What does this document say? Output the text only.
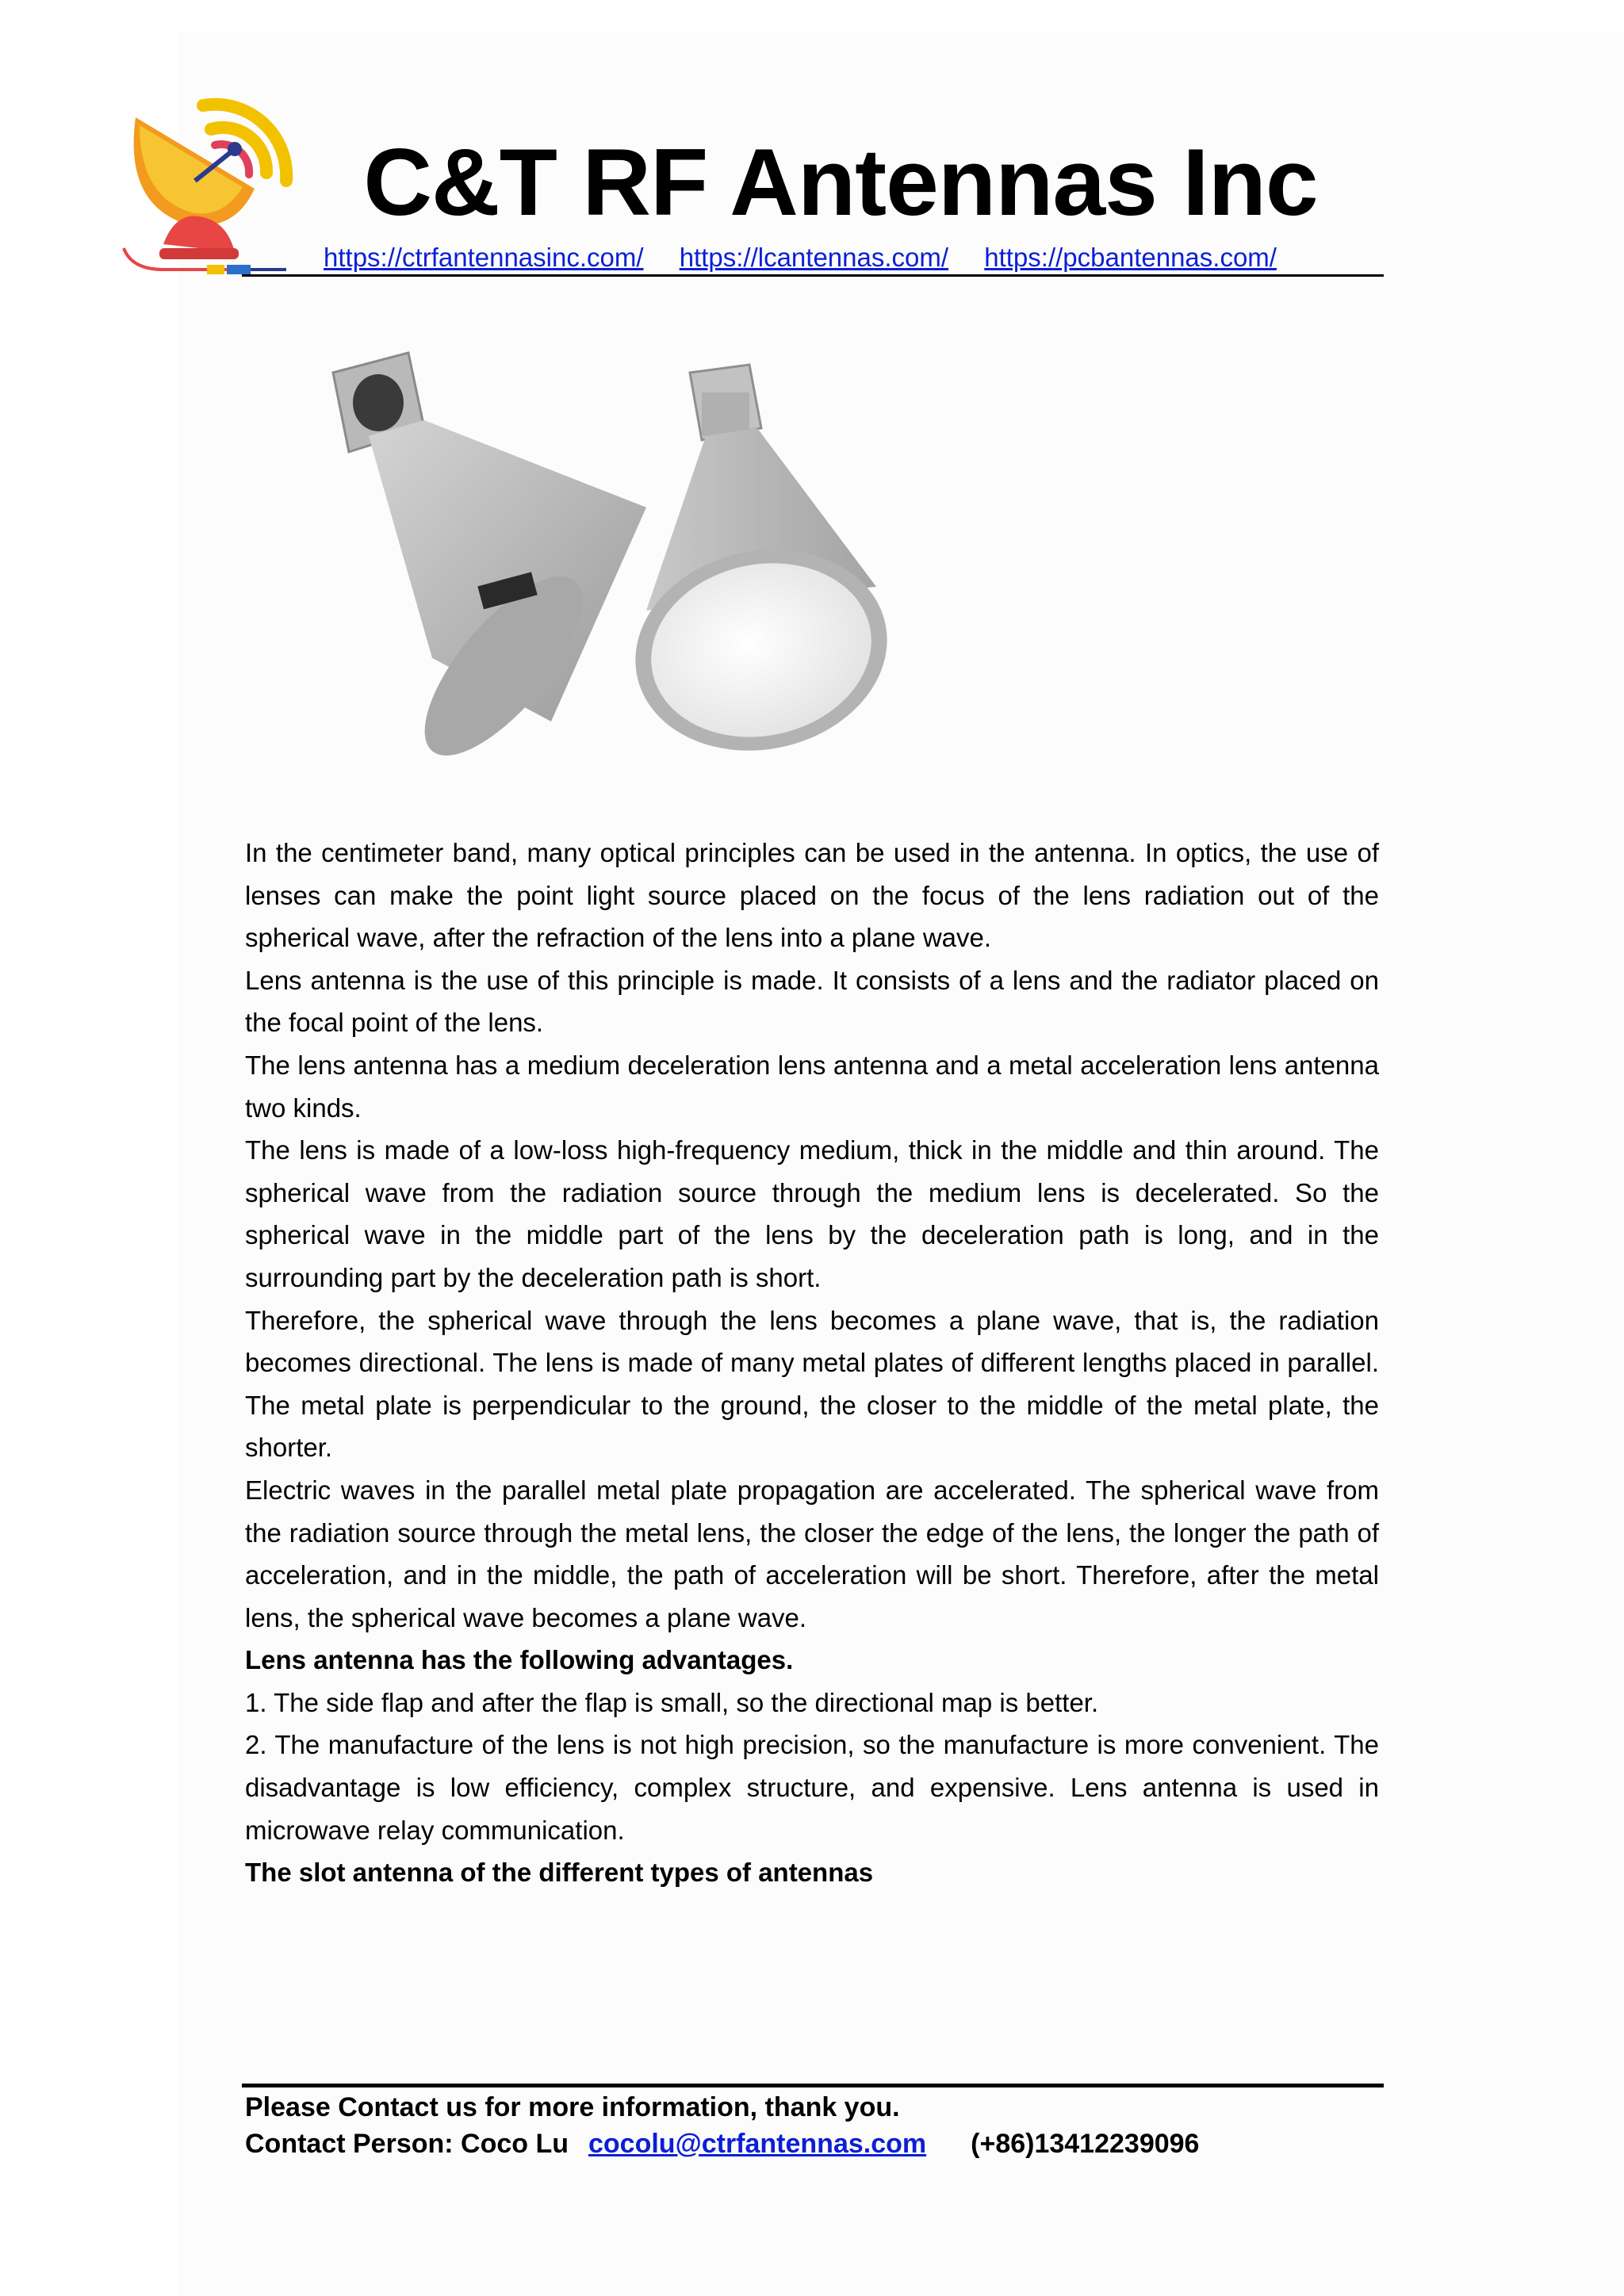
C&T RF Antennas Inc
https://ctrfantennasinc.com/ https://lcantennas.com/ https://pcbantennas.com/

In the centimeter band, many optical principles can be used in the antenna. In optics, the use of lenses can make the point light source placed on the focus of the lens radiation out of the spherical wave, after the refraction of the lens into a plane wave.

Lens antenna is the use of this principle is made. It consists of a lens and the radiator placed on the focal point of the lens.

The lens antenna has a medium deceleration lens antenna and a metal acceleration lens antenna two kinds.

The lens is made of a low-loss high-frequency medium, thick in the middle and thin around. The spherical wave from the radiation source through the medium lens is decelerated. So the spherical wave in the middle part of the lens by the deceleration path is long, and in the surrounding part by the deceleration path is short.

Therefore, the spherical wave through the lens becomes a plane wave, that is, the radiation becomes directional. The lens is made of many metal plates of different lengths placed in parallel. The metal plate is perpendicular to the ground, the closer to the middle of the metal plate, the shorter.

Electric waves in the parallel metal plate propagation are accelerated. The spherical wave from the radiation source through the metal lens, the closer the edge of the lens, the longer the path of acceleration, and in the middle, the path of acceleration will be short. Therefore, after the metal lens, the spherical wave becomes a plane wave.

Lens antenna has the following advantages.

1. The side flap and after the flap is small, so the directional map is better.

2. The manufacture of the lens is not high precision, so the manufacture is more convenient. The disadvantage is low efficiency, complex structure, and expensive. Lens antenna is used in microwave relay communication.

The slot antenna of the different types of antennas

Please Contact us for more information, thank you.
Contact Person: Coco Lu cocolu@ctrfantennas.com (+86)13412239096
